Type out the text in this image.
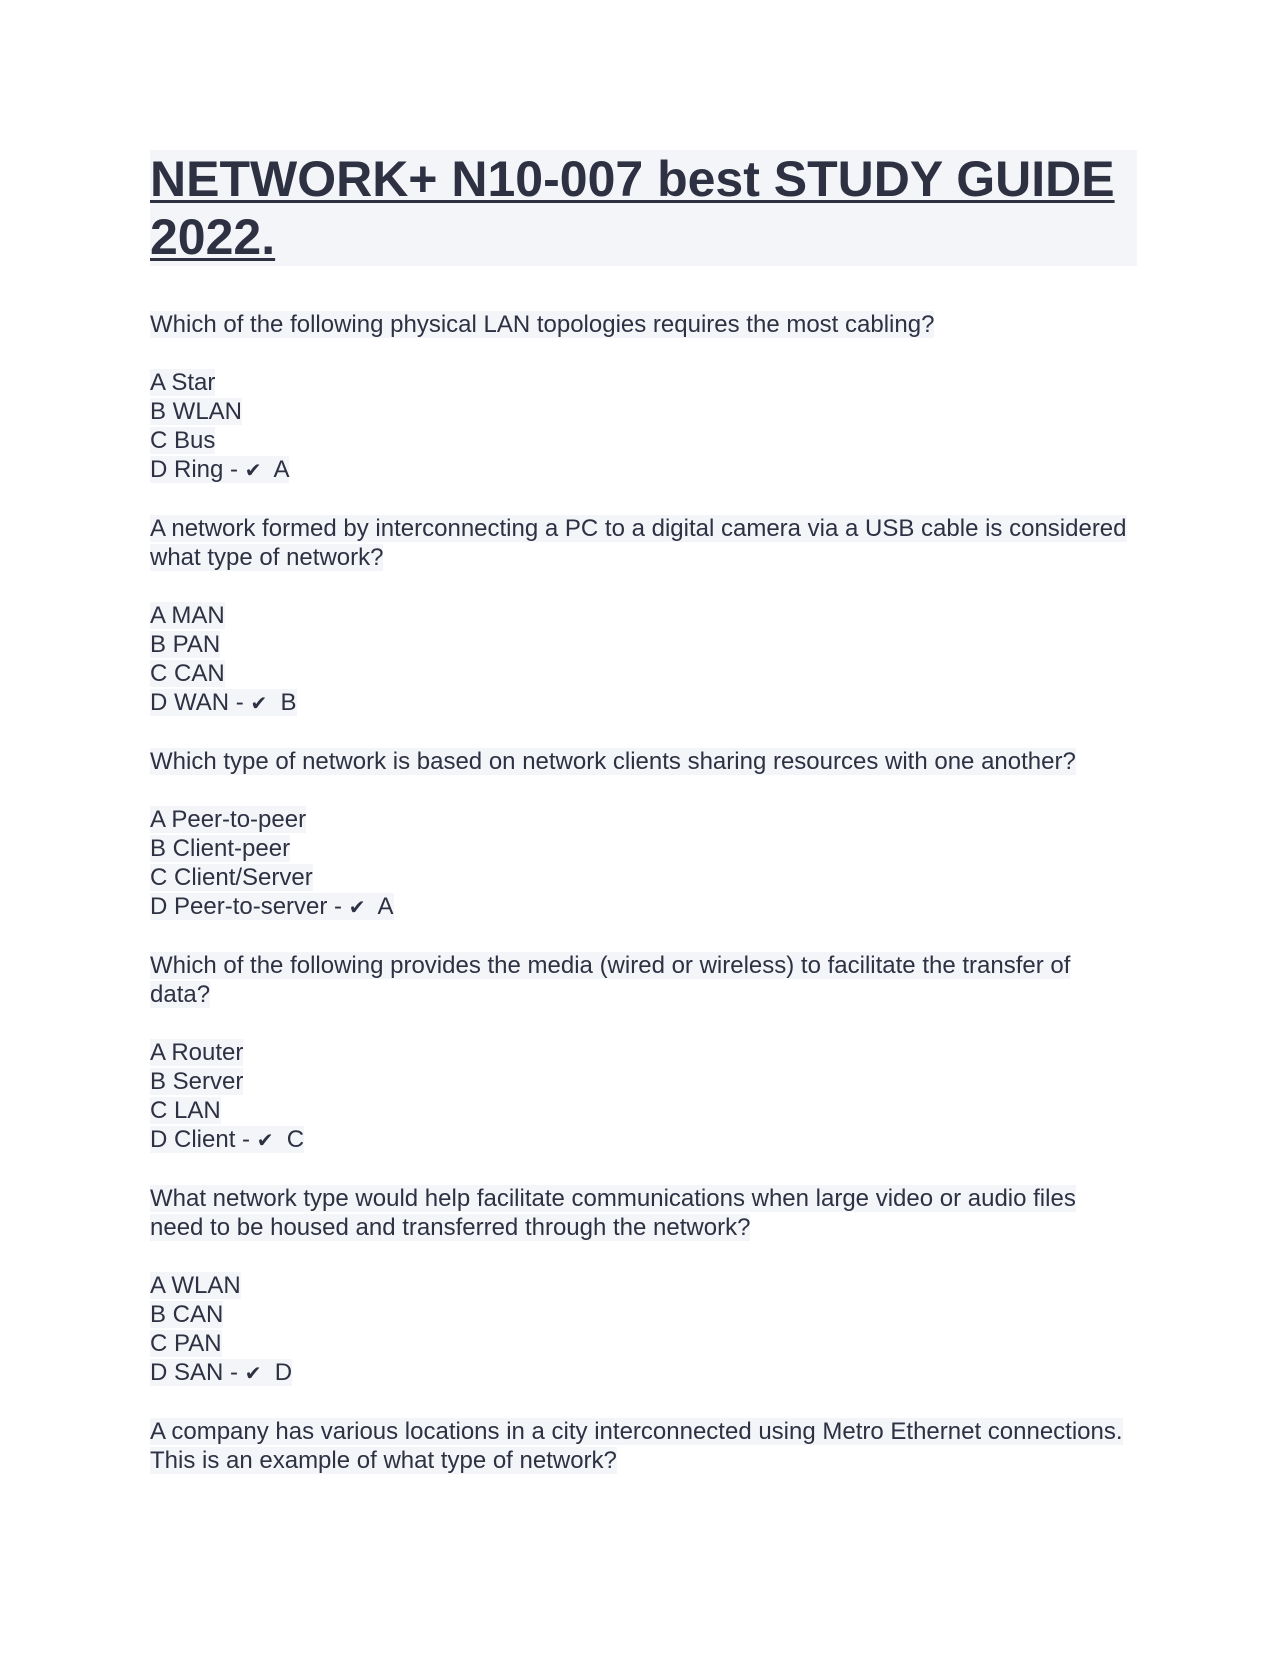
NETWORK+ N10-007 best STUDY GUIDE 2022.

Which of the following physical LAN topologies requires the most cabling?

A Star

B WLAN

C Bus

D Ring - ✔ A

A network formed by interconnecting a PC to a digital camera via a USB cable is considered what type of network?

A MAN

B PAN

C CAN

D WAN - ✔ B

Which type of network is based on network clients sharing resources with one another?

A Peer-to-peer

B Client-peer

C Client/Server

D Peer-to-server - ✔ A

Which of the following provides the media (wired or wireless) to facilitate the transfer of data?

A Router

B Server

C LAN

D Client - ✔ C

What network type would help facilitate communications when large video or audio files need to be housed and transferred through the network?

A WLAN

B CAN

C PAN

D SAN - ✔ D

A company has various locations in a city interconnected using Metro Ethernet connections. This is an example of what type of network?
